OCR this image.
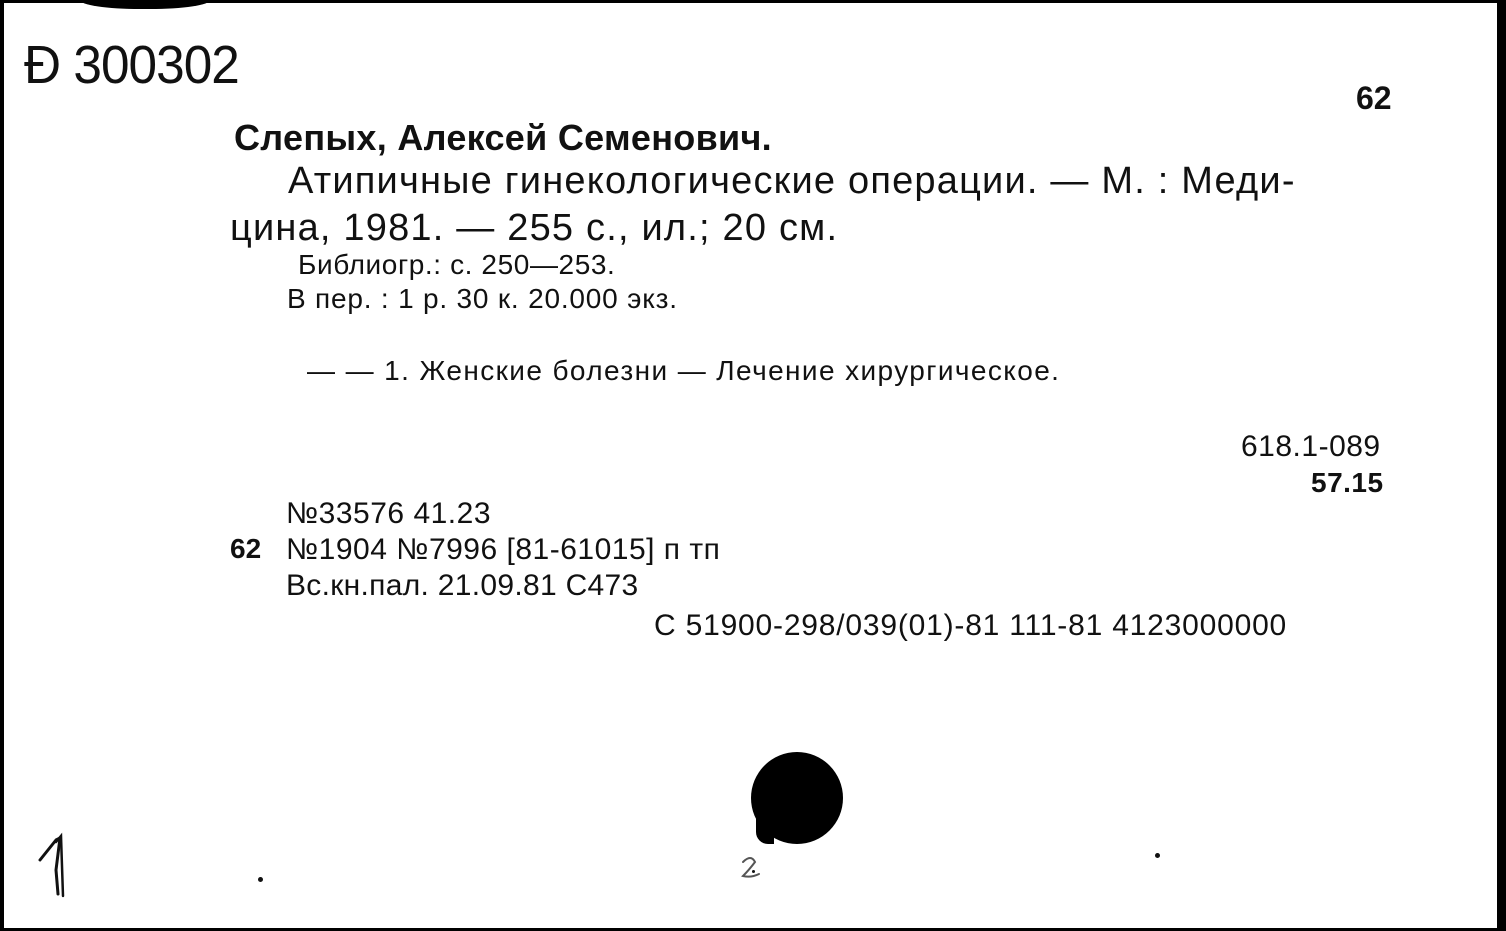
Ð 300302
62
Слепых, Алексей Семенович.
Атипичные гинекологические операции. — М. : Меди-
цина, 1981. — 255 с., ил.; 20 см.
Библиогр.: с. 250—253.
В пер. : 1 р. 30 к. 20.000 экз.
— — 1. Женские болезни — Лечение хирургическое.
618.1-089
57.15
№33576 41.23
62 №1904 №7996 [81-61015] п тп
Вс.кн.пал. 21.09.81 С473
С 51900-298/039(01)-81 111-81 4123000000
